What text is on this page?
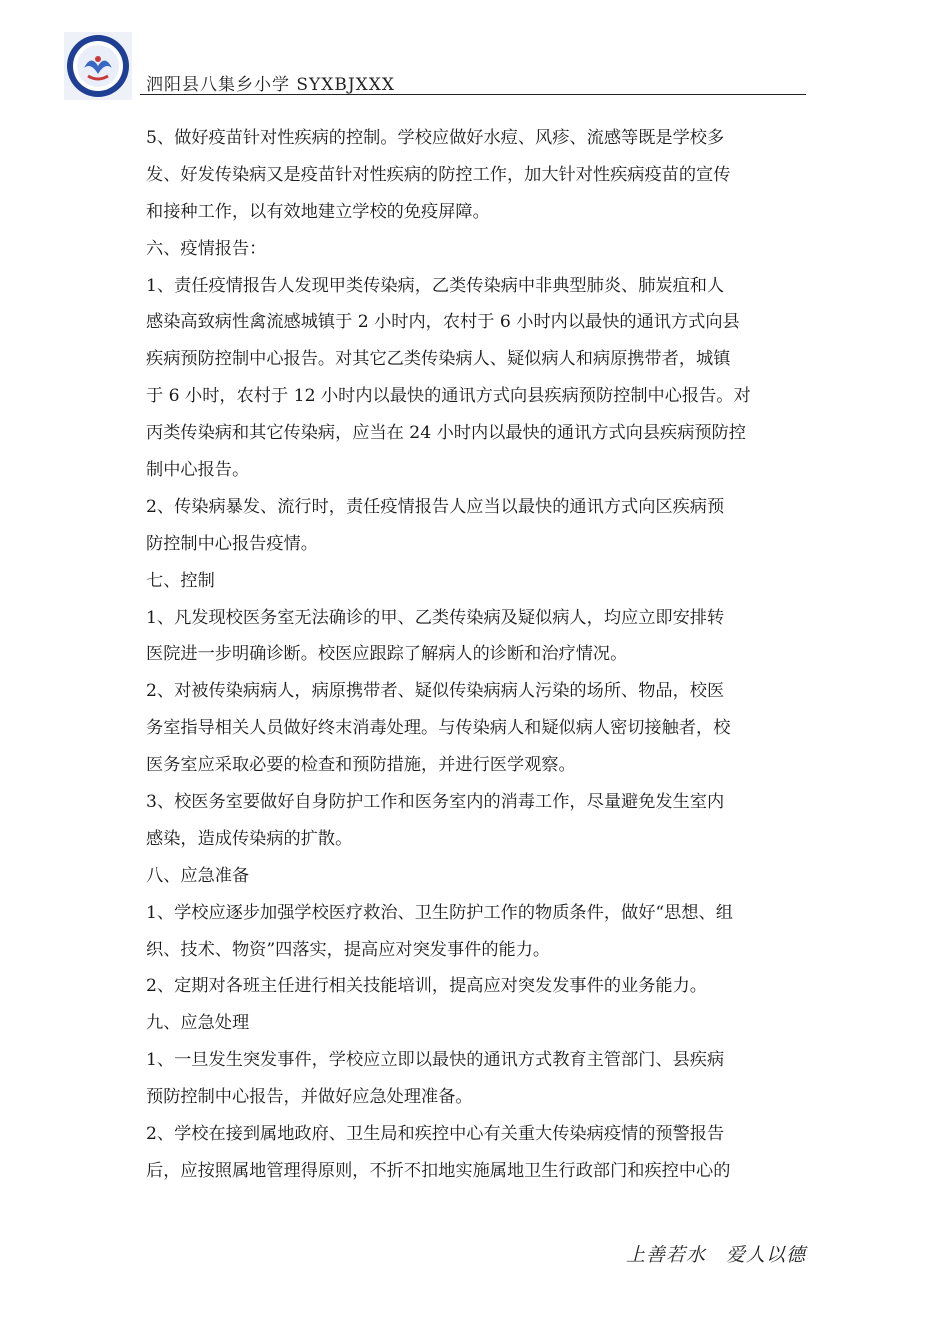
泗阳县八集乡小学 SYXBJXXX
5、做好疫苗针对性疾病的控制。学校应做好水痘、风疹、流感等既是学校多
发、好发传染病又是疫苗针对性疾病的防控工作，加大针对性疾病疫苗的宣传
和接种工作，以有效地建立学校的免疫屏障。
六、疫情报告：
1、责任疫情报告人发现甲类传染病，乙类传染病中非典型肺炎、肺炭疽和人
感染高致病性禽流感城镇于 2 小时内，农村于 6 小时内以最快的通讯方式向县
疾病预防控制中心报告。对其它乙类传染病人、疑似病人和病原携带者，城镇
于 6 小时，农村于 12 小时内以最快的通讯方式向县疾病预防控制中心报告。对
丙类传染病和其它传染病，应当在 24 小时内以最快的通讯方式向县疾病预防控
制中心报告。
2、传染病暴发、流行时，责任疫情报告人应当以最快的通讯方式向区疾病预
防控制中心报告疫情。
七、控制
1、凡发现校医务室无法确诊的甲、乙类传染病及疑似病人，均应立即安排转
医院进一步明确诊断。校医应跟踪了解病人的诊断和治疗情况。
2、对被传染病病人，病原携带者、疑似传染病病人污染的场所、物品，校医
务室指导相关人员做好终末消毒处理。与传染病人和疑似病人密切接触者，校
医务室应采取必要的检查和预防措施，并进行医学观察。
3、校医务室要做好自身防护工作和医务室内的消毒工作，尽量避免发生室内
感染，造成传染病的扩散。
八、应急准备
1、学校应逐步加强学校医疗救治、卫生防护工作的物质条件，做好“思想、组
织、技术、物资”四落实，提高应对突发事件的能力。
2、定期对各班主任进行相关技能培训，提高应对突发发事件的业务能力。
九、应急处理
1、一旦发生突发事件，学校应立即以最快的通讯方式教育主管部门、县疾病
预防控制中心报告，并做好应急处理准备。
2、学校在接到属地政府、卫生局和疾控中心有关重大传染病疫情的预警报告
后，应按照属地管理得原则，不折不扣地实施属地卫生行政部门和疾控中心的
上善若水 爱人以德
